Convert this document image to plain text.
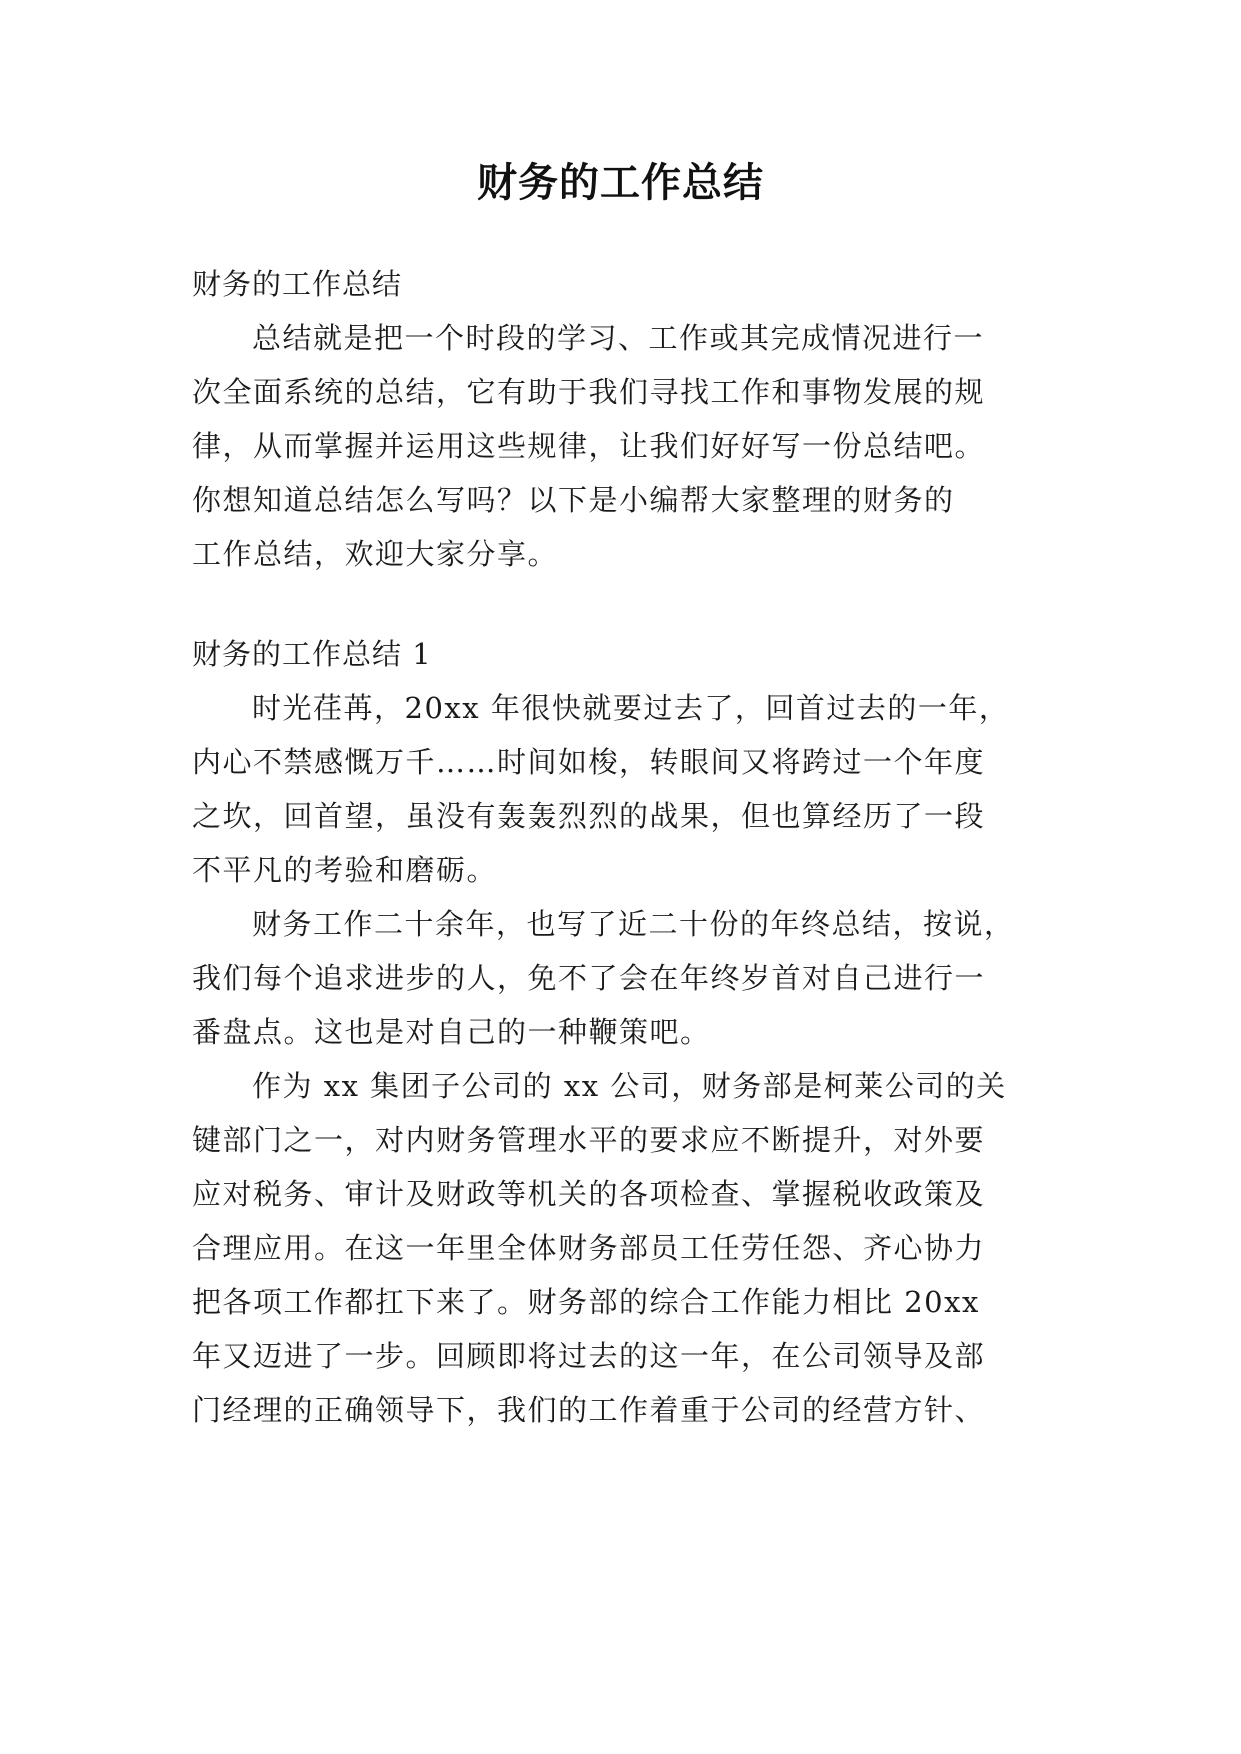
财务的工作总结
财务的工作总结
总结就是把一个时段的学习、工作或其完成情况进行一
次全面系统的总结，它有助于我们寻找工作和事物发展的规
律，从而掌握并运用这些规律，让我们好好写一份总结吧。
你想知道总结怎么写吗？以下是小编帮大家整理的财务的
工作总结，欢迎大家分享。
财务的工作总结 1
时光荏苒，20xx 年很快就要过去了，回首过去的一年，
内心不禁感慨万千……时间如梭，转眼间又将跨过一个年度
之坎，回首望，虽没有轰轰烈烈的战果，但也算经历了一段
不平凡的考验和磨砺。
财务工作二十余年，也写了近二十份的年终总结，按说，
我们每个追求进步的人，免不了会在年终岁首对自己进行一
番盘点。这也是对自己的一种鞭策吧。
作为 xx 集团子公司的 xx 公司，财务部是柯莱公司的关
键部门之一，对内财务管理水平的要求应不断提升，对外要
应对税务、审计及财政等机关的各项检查、掌握税收政策及
合理应用。在这一年里全体财务部员工任劳任怨、齐心协力
把各项工作都扛下来了。财务部的综合工作能力相比 20xx
年又迈进了一步。回顾即将过去的这一年，在公司领导及部
门经理的正确领导下，我们的工作着重于公司的经营方针、
